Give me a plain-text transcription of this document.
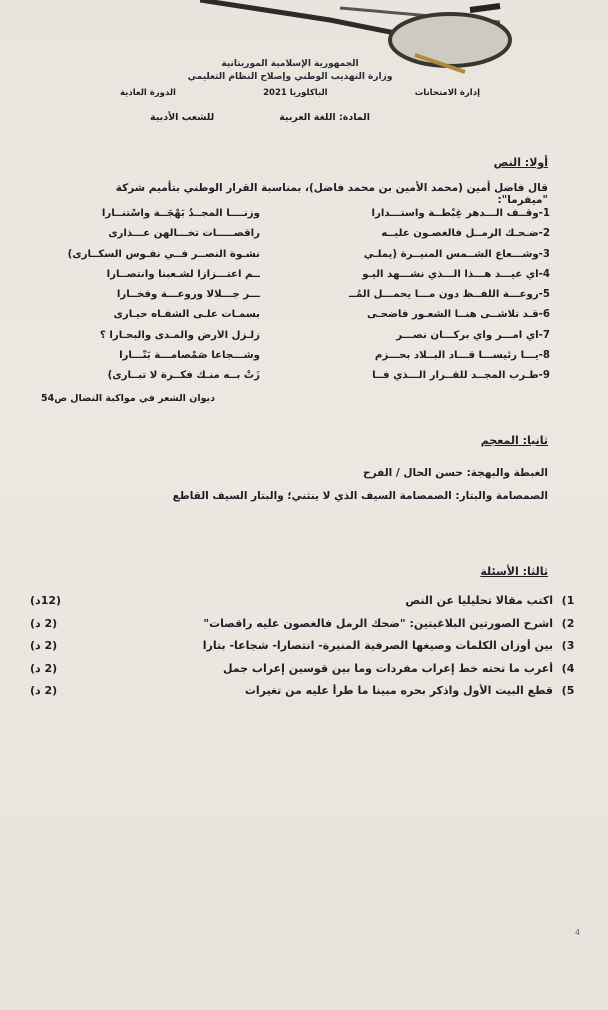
الجمهورية الإسلامية الموريتانية
وزارة التهذيب الوطني وإصلاح النظام التعليمي
إدارة الامتحانات
الباكلوريا 2021
الدورة العادية
المادة: اللغة العربية
للشعب الأدبية
أولا: النص
قال فاضل أمين (محمد الأمين بن محمد فاضل)، بمناسبة القرار الوطني بتأميم شركة "ميفرما":
1-وقــف الـــدهر غِبْطــة واستـــدارا
وزنــــا المجــدُ بَهْجَــة واسْتنــارا
2-ضـحـك الرمــل فالغصـون عليــه
راقصـــــات تخـــالهن عـــذارى
3-وشـــعاع الشــمس المنيــرة (يملـي
نشـوة النصــر فــي نفـوس السكــارى)
4-أي عيـــد هـــذا الـــذي نشـــهد اليـو
ــم اعتـــزازا لشـعبنا وانتصــارا
5-روعـــة اللفــظ دون مـــا يحمـــل المُــ
ـــر جـــلالا وروعـــة وفخــارا
6-قـد تلاشــى هنــا الشعـور فأضحـى
بسمـات علـى الشفـاه حيـارى
7-أي أمـــر وأي بركـــان نصـــر
زلـزل الأرض والمـدى والبحـارا ؟
8-يـــا رئيســـا قـــاد البــلاد بحـــزم
وشـــجاعا صَمْصامـــة بَتّـــارا
9-طـرب المجــد للقــرار الـــذي فــا
زَتْ بــه منـك فكــرة لا تبــارى)
ديوان الشعر في مواكبة النضال ص54
ثانيا: المعجم
الغبطة والبهجة: حسن الحال / الفرح
الصمصامة والبتار: الصمصامة السيف الذي لا ينثني؛ والبتار السيف القاطع
ثالثا: الأسئلة
1)
اكتب مقالا تحليليا عن النص
(12د)
2)
اشرح الصورتين البلاغيتين: "ضحك الرمل فالغصون عليه راقصات"
(2 د)
3)
بين أوزان الكلمات وصيغها الصرفية المنيرة- انتصارا- شجاعا- بتارا
(2 د)
4)
أعرب ما تحته خط إعراب مفردات وما بين قوسين إعراب جمل
(2 د)
5)
قطع البيت الأول واذكر بحره مبينا ما طرأ عليه من تغيرات
(2 د)
4
